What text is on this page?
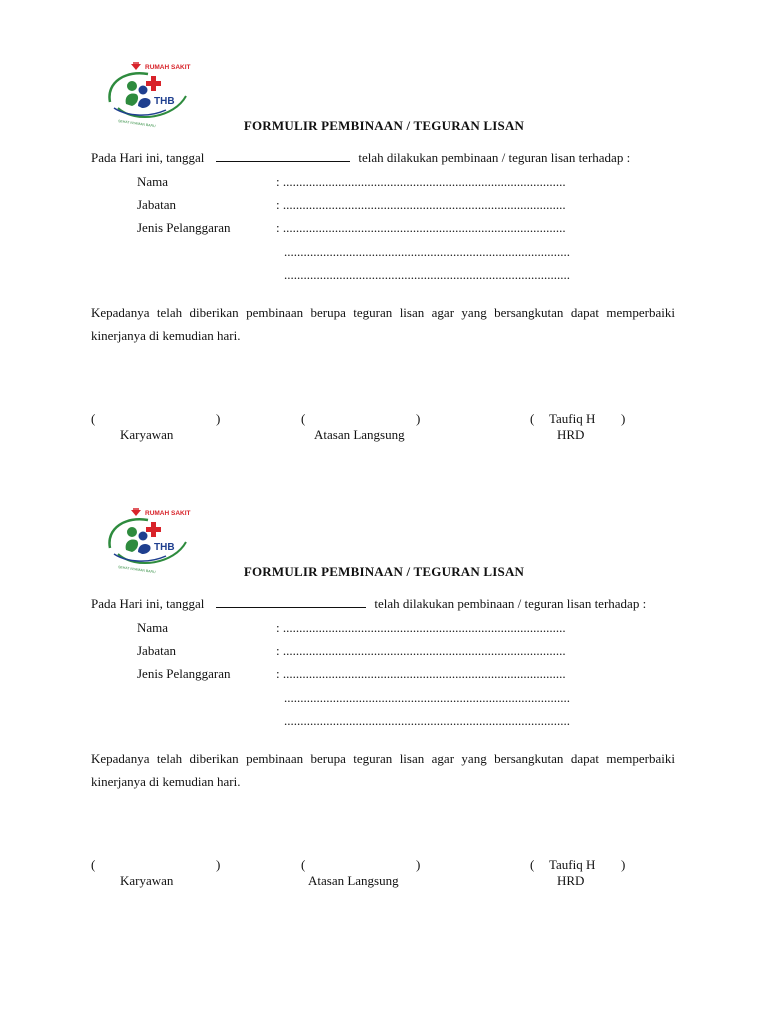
RUMAH SAKIT
THB
SEHAT NYAMAN BARU	FORMULIR PEMBINAAN / TEGURAN LISAN
Pada Hari ini, tanggal	telah dilakukan pembinaan / teguran lisan terhadap :
Nama	: .......................................................................................
Jabatan	: .......................................................................................
Jenis Pelanggaran	: .......................................................................................
........................................................................................
........................................................................................
Kepadanya telah diberikan pembinaan berupa teguran lisan agar yang bersangkutan dapat memperbaiki kinerjanya di kemudian hari.
(	)
Karyawan
(	)
Atasan Langsung
( Taufiq H )
HRD
RUMAH SAKIT
THB
SEHAT NYAMAN BARU	FORMULIR PEMBINAAN / TEGURAN LISAN
Pada Hari ini, tanggal	telah dilakukan pembinaan / teguran lisan terhadap :
Nama	: .......................................................................................
Jabatan	: .......................................................................................
Jenis Pelanggaran	: .......................................................................................
........................................................................................
........................................................................................
Kepadanya telah diberikan pembinaan berupa teguran lisan agar yang bersangkutan dapat memperbaiki kinerjanya di kemudian hari.
(	)
Karyawan
(	)
Atasan Langsung
( Taufiq H )
HRD
